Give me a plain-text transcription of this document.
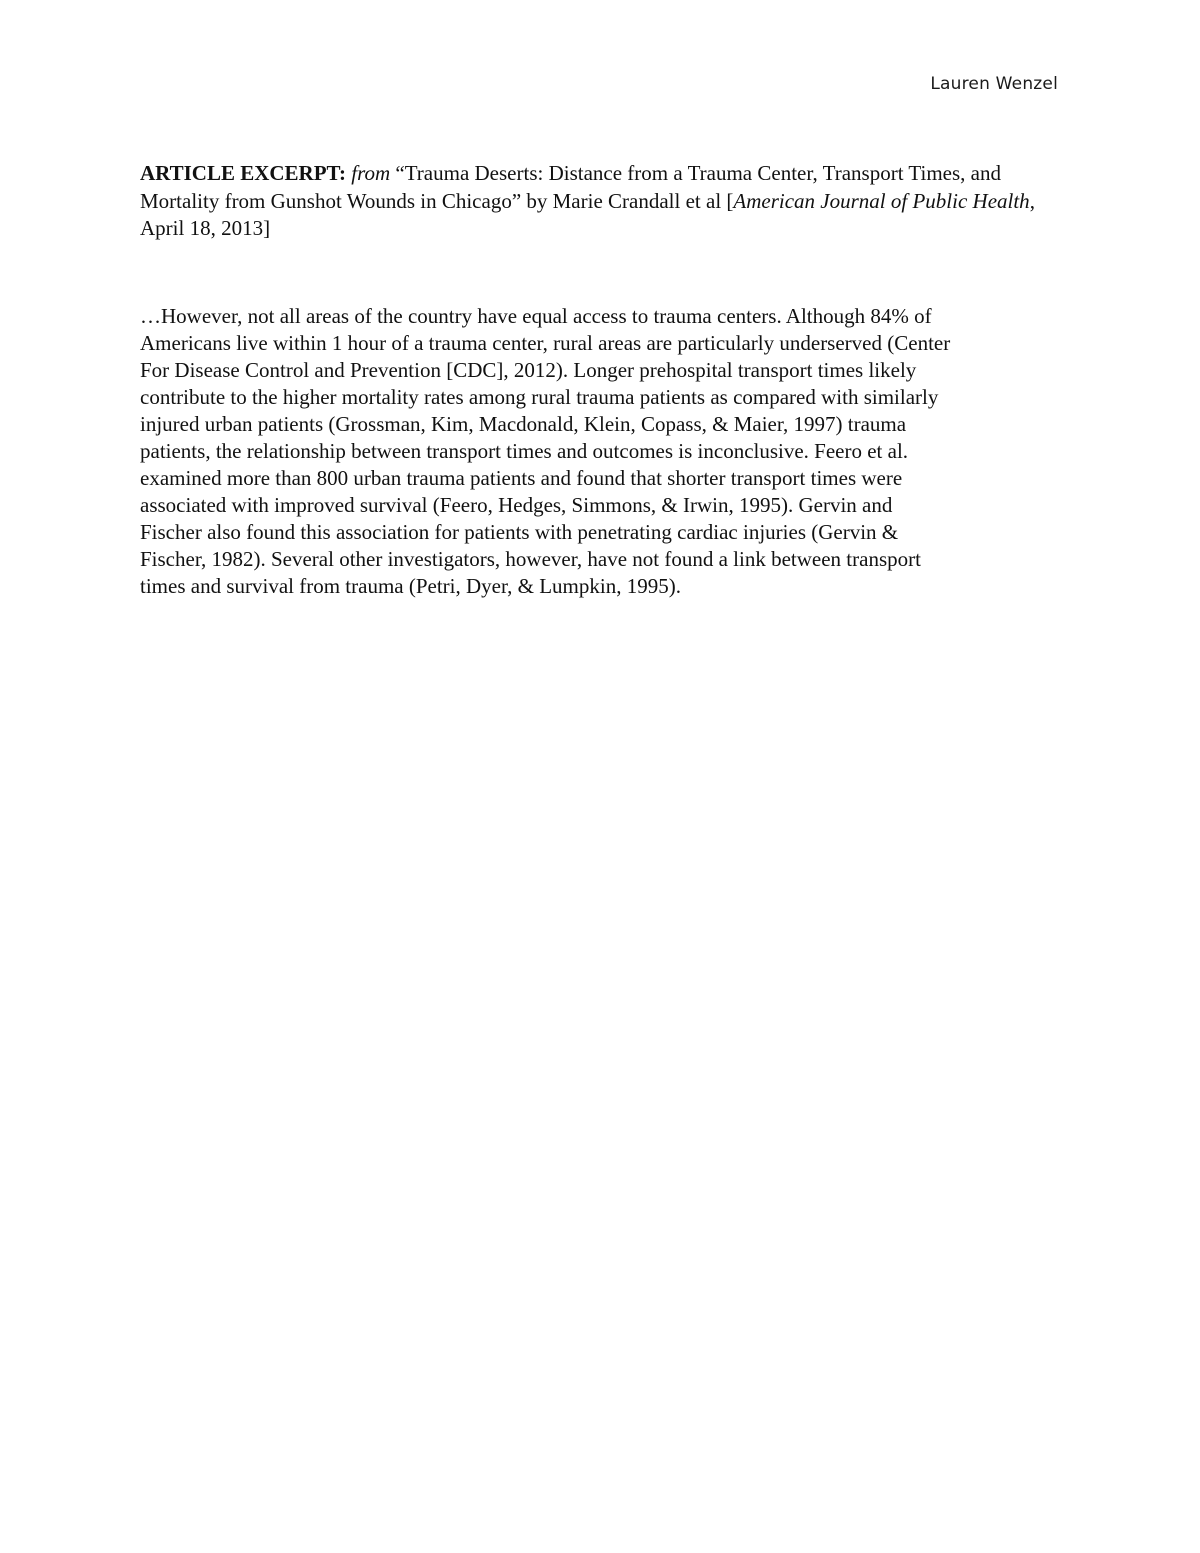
Lauren Wenzel
ARTICLE EXCERPT: from “Trauma Deserts: Distance from a Trauma Center, Transport Times, and Mortality from Gunshot Wounds in Chicago” by Marie Crandall et al [American Journal of Public Health, April 18, 2013]
…However, not all areas of the country have equal access to trauma centers. Although 84% of
Americans live within 1 hour of a trauma center, rural areas are particularly underserved (Center
For Disease Control and Prevention [CDC], 2012). Longer prehospital transport times likely
contribute to the higher mortality rates among rural trauma patients as compared with similarly
injured urban patients (Grossman, Kim, Macdonald, Klein, Copass, & Maier, 1997) trauma
patients, the relationship between transport times and outcomes is inconclusive. Feero et al.
examined more than 800 urban trauma patients and found that shorter transport times were
associated with improved survival (Feero, Hedges, Simmons, & Irwin, 1995). Gervin and
Fischer also found this association for patients with penetrating cardiac injuries (Gervin &
Fischer, 1982). Several other investigators, however, have not found a link between transport
times and survival from trauma (Petri, Dyer, & Lumpkin, 1995).
